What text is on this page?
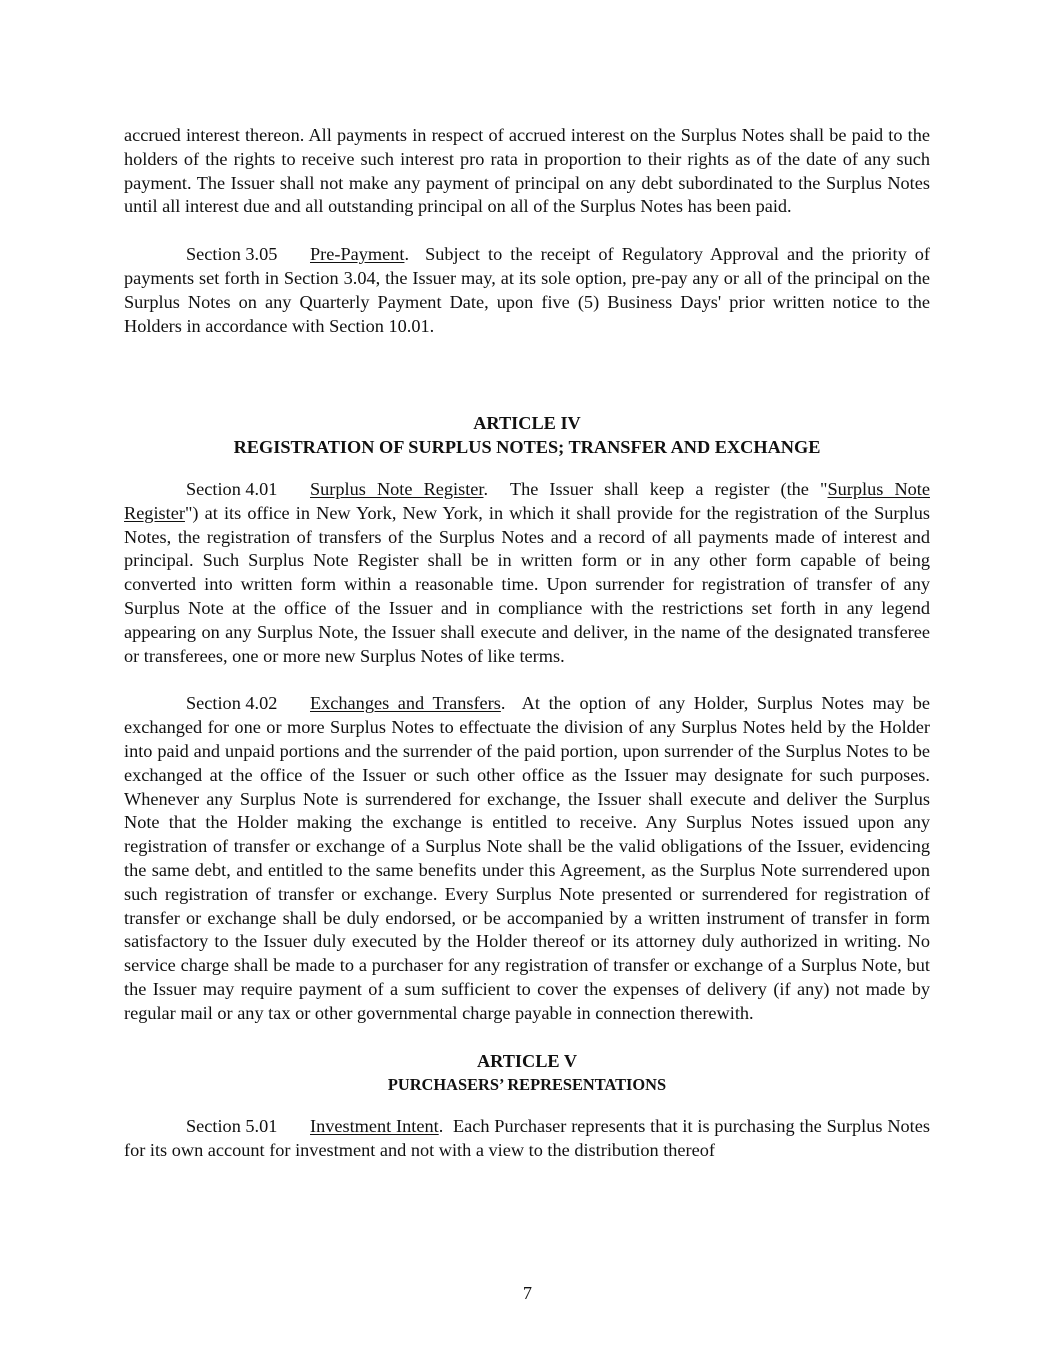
accrued interest thereon. All payments in respect of accrued interest on the Surplus Notes shall be paid to the holders of the rights to receive such interest pro rata in proportion to their rights as of the date of any such payment. The Issuer shall not make any payment of principal on any debt subordinated to the Surplus Notes until all interest due and all outstanding principal on all of the Surplus Notes has been paid.

Section 3.05 Pre-Payment.  Subject to the receipt of Regulatory Approval and the priority of payments set forth in Section 3.04, the Issuer may, at its sole option, pre-pay any or all of the principal on the Surplus Notes on any Quarterly Payment Date, upon five (5) Business Days' prior written notice to the Holders in accordance with Section 10.01.

ARTICLE IV
REGISTRATION OF SURPLUS NOTES; TRANSFER AND EXCHANGE

Section 4.01 Surplus Note Register.  The Issuer shall keep a register (the "Surplus Note Register") at its office in New York, New York, in which it shall provide for the registration of the Surplus Notes, the registration of transfers of the Surplus Notes and a record of all payments made of interest and principal. Such Surplus Note Register shall be in written form or in any other form capable of being converted into written form within a reasonable time. Upon surrender for registration of transfer of any Surplus Note at the office of the Issuer and in compliance with the restrictions set forth in any legend appearing on any Surplus Note, the Issuer shall execute and deliver, in the name of the designated transferee or transferees, one or more new Surplus Notes of like terms.

Section 4.02 Exchanges and Transfers.  At the option of any Holder, Surplus Notes may be exchanged for one or more Surplus Notes to effectuate the division of any Surplus Notes held by the Holder into paid and unpaid portions and the surrender of the paid portion, upon surrender of the Surplus Notes to be exchanged at the office of the Issuer or such other office as the Issuer may designate for such purposes. Whenever any Surplus Note is surrendered for exchange, the Issuer shall execute and deliver the Surplus Note that the Holder making the exchange is entitled to receive. Any Surplus Notes issued upon any registration of transfer or exchange of a Surplus Note shall be the valid obligations of the Issuer, evidencing the same debt, and entitled to the same benefits under this Agreement, as the Surplus Note surrendered upon such registration of transfer or exchange. Every Surplus Note presented or surrendered for registration of transfer or exchange shall be duly endorsed, or be accompanied by a written instrument of transfer in form satisfactory to the Issuer duly executed by the Holder thereof or its attorney duly authorized in writing. No service charge shall be made to a purchaser for any registration of transfer or exchange of a Surplus Note, but the Issuer may require payment of a sum sufficient to cover the expenses of delivery (if any) not made by regular mail or any tax or other governmental charge payable in connection therewith.

ARTICLE V
PURCHASERS’ REPRESENTATIONS

Section 5.01 Investment Intent.  Each Purchaser represents that it is purchasing the Surplus Notes for its own account for investment and not with a view to the distribution thereof

7
